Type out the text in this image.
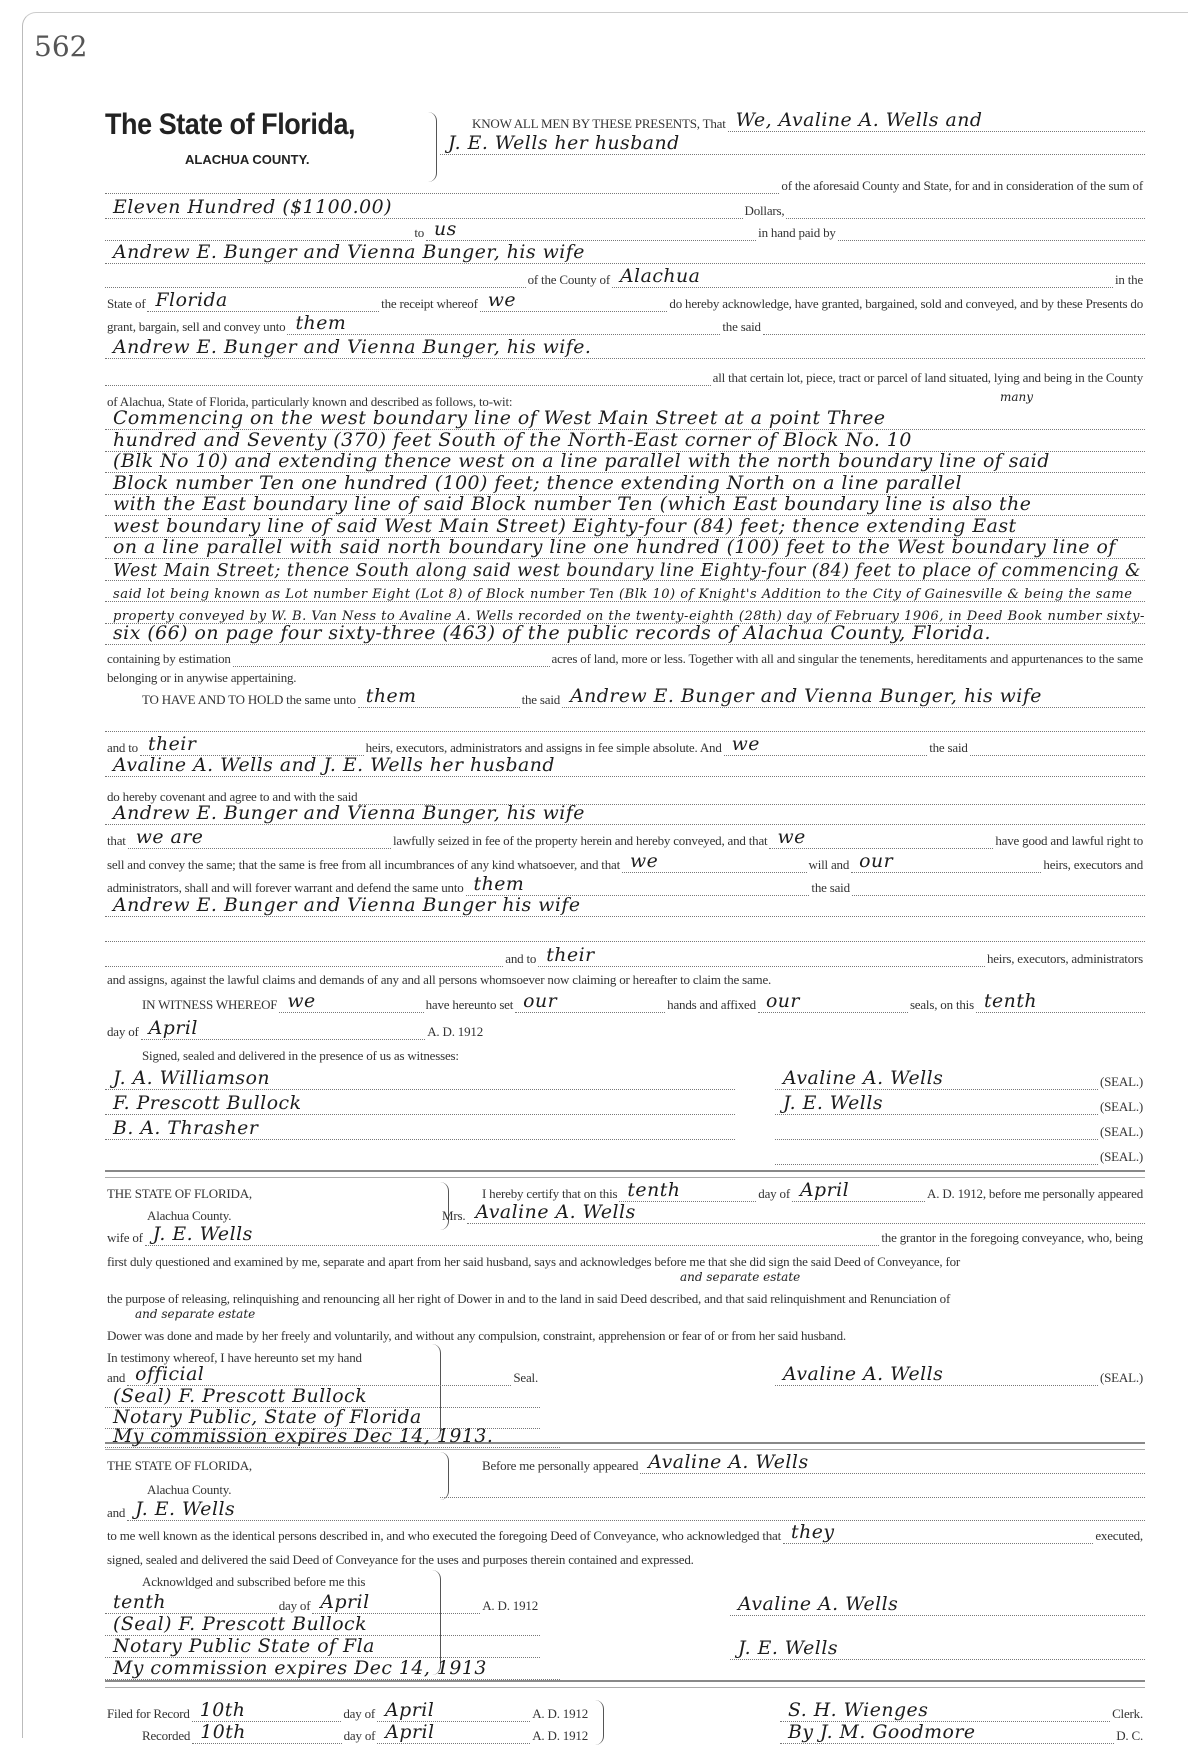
562
The State of Florida,
ALACHUA COUNTY.
KNOW ALL MEN BY THESE PRESENTS, That We, Avaline A. Wells and
J. E. Wells her husband
of the aforesaid County and State, for and in consideration of the sum of
Eleven Hundred ($1100.00)	Dollars,
to us	in hand paid by
Andrew E. Bunger and Vienna Bunger, his wife
of the County of Alachua	in the
State of Florida	the receipt whereof we	do hereby acknowledge, have granted, bargained, sold and conveyed, and by these Presents do
grant, bargain, sell and convey unto them	the said
Andrew E. Bunger and Vienna Bunger, his wife.
all that certain lot, piece, tract or parcel of land situated, lying and being in the County
of Alachua, State of Florida, particularly known and described as follows, to-wit:
Commencing on the west boundary line of West Main Street at a point Three
hundred and Seventy (370) feet South of the North-East corner of Block No. 10
(Blk No 10) and extending thence west on a line parallel with the north boundary line of said
Block number Ten one hundred (100) feet; thence extending North on a line parallel
with the East boundary line of said Block number Ten (which East boundary line is also the
west boundary line of said West Main Street) Eighty-four (84) feet; thence extending East
on a line parallel with said north boundary line one hundred (100) feet to the West boundary line of
West Main Street; thence South along said west boundary line Eighty-four (84) feet to place of commencing &
said lot being known as Lot number Eight (Lot 8) of Block number Ten (Blk 10) of Knight's Addition to the City of Gainesville & being the same
property conveyed by W. B. Van Ness to Avaline A. Wells recorded on the twenty-eighth (28th) day of February 1906, in Deed Book number sixty-
six (66) on page four sixty-three (463) of the public records of Alachua County, Florida.
containing by estimation	acres of land, more or less. Together with all and singular the tenements, hereditaments and appurtenances to the same
belonging or in anywise appertaining.
TO HAVE AND TO HOLD the same unto them	the said Andrew E. Bunger and Vienna Bunger, his wife
and to their	heirs, executors, administrators and assigns in fee simple absolute. And we	the said
Avaline A. Wells and J. E. Wells her husband
do hereby covenant and agree to and with the said
Andrew E. Bunger and Vienna Bunger, his wife
that we are	lawfully seized in fee of the property herein and hereby conveyed, and that we	have good and lawful right to
sell and convey the same; that the same is free from all incumbrances of any kind whatsoever, and that we	will and our	heirs, executors and
administrators, shall and will forever warrant and defend the same unto them	the said
Andrew E. Bunger and Vienna Bunger his wife
and to their	heirs, executors, administrators
and assigns, against the lawful claims and demands of any and all persons whomsoever now claiming or hereafter to claim the same.
IN WITNESS WHEREOF we	have hereunto set our	hands and affixed our	seals, on this tenth
day of April	A. D. 1912
Signed, sealed and delivered in the presence of us as witnesses:
J. A. Williamson
F. Prescott Bullock
B. A. Thrasher
Avaline A. Wells	(SEAL.)
J. E. Wells	(SEAL.)
(SEAL.)
(SEAL.)
THE STATE OF FLORIDA,	I hereby certify that on this tenth	day of April	A. D. 1912, before me personally appeared
Alachua County.	Mrs. Avaline A. Wells
wife of J. E. Wells	the grantor in the foregoing conveyance, who, being
first duly questioned and examined by me, separate and apart from her said husband, says and acknowledges before me that she did sign the said Deed of Conveyance, for
the purpose of releasing, relinquishing and renouncing all her right of Dower in and to the land in said Deed described, and that said relinquishment and Renunciation of
Dower was done and made by her freely and voluntarily, and without any compulsion, constraint, apprehension or fear of or from her said husband.
In testimony whereof, I have hereunto set my hand
and official	Seal.	Avaline A. Wells	(SEAL.)
(Seal) F. Prescott Bullock
Notary Public, State of Florida
My commission expires Dec 14, 1913.
THE STATE OF FLORIDA,	Before me personally appeared Avaline A. Wells
Alachua County.
and J. E. Wells
to me well known as the identical persons described in, and who executed the foregoing Deed of Conveyance, who acknowledged that they	executed,
signed, sealed and delivered the said Deed of Conveyance for the uses and purposes therein contained and expressed.
Acknowldged and subscribed before me this
tenth	day of April	A. D. 1912
(Seal) F. Prescott Bullock
Notary Public State of Fla
My commission expires Dec 14, 1913
Avaline A. Wells
J. E. Wells
Filed for Record 10th	day of April	A. D. 1912
Recorded 10th	day of April	A. D. 1912
S. H. Wienges	Clerk.
By J. M. Goodmore	D. C.
many
and separate estate
and separate estate
